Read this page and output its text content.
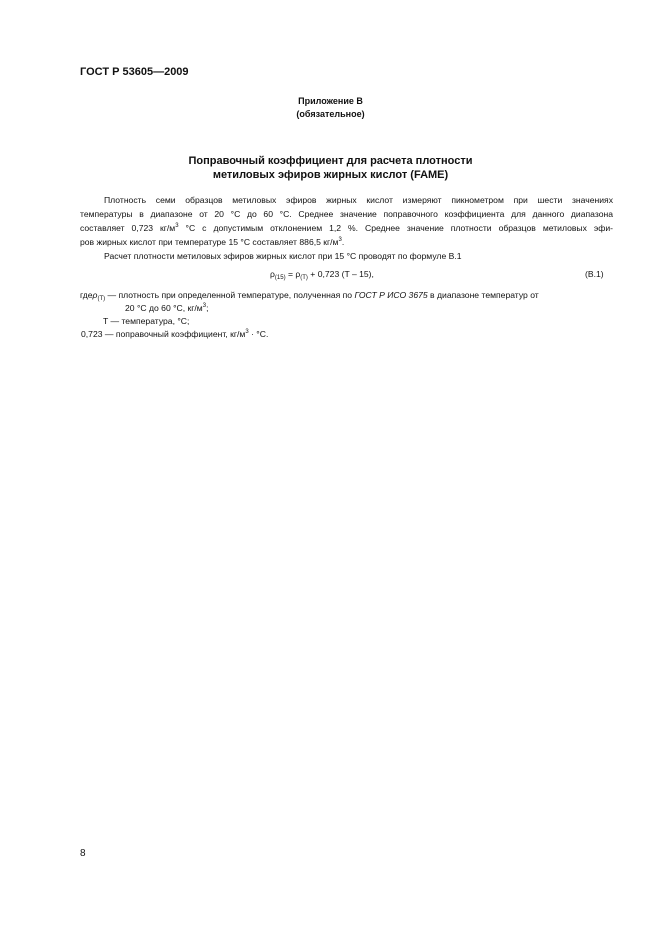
ГОСТ Р 53605—2009
Приложение В
(обязательное)
Поправочный коэффициент для расчета плотности
метиловых эфиров жирных кислот (FAME)
Плотность семи образцов метиловых эфиров жирных кислот измеряют пикнометром при шести значениях
температуры в диапазоне от 20 °С до 60 °С. Среднее значение поправочного коэффициента для данного диапазона
составляет 0,723 $кг/м^3$ °С с допустимым отклонением 1,2 %. Среднее значение плотности образцов метиловых эфи-
ров жирных кислот при температуре 15 °С составляет 886,5 $кг/м^3$.
Расчет плотности метиловых эфиров жирных кислот при 15 °С проводят по формуле В.1
$\rho_{(15)} = \rho_{(T)} + 0,723$ (T – 15),	(В.1)
гдеρ$_{(T)}$ — плотность при определенной температуре, полученная по ГОСТ Р ИСО 3675 в диапазоне температур от
20 °С до 60 °С, $кг/м^3$;
T — температура, °С;
0,723 — поправочный коэффициент, $кг/м^3 \cdot ^\circ С$.
8
